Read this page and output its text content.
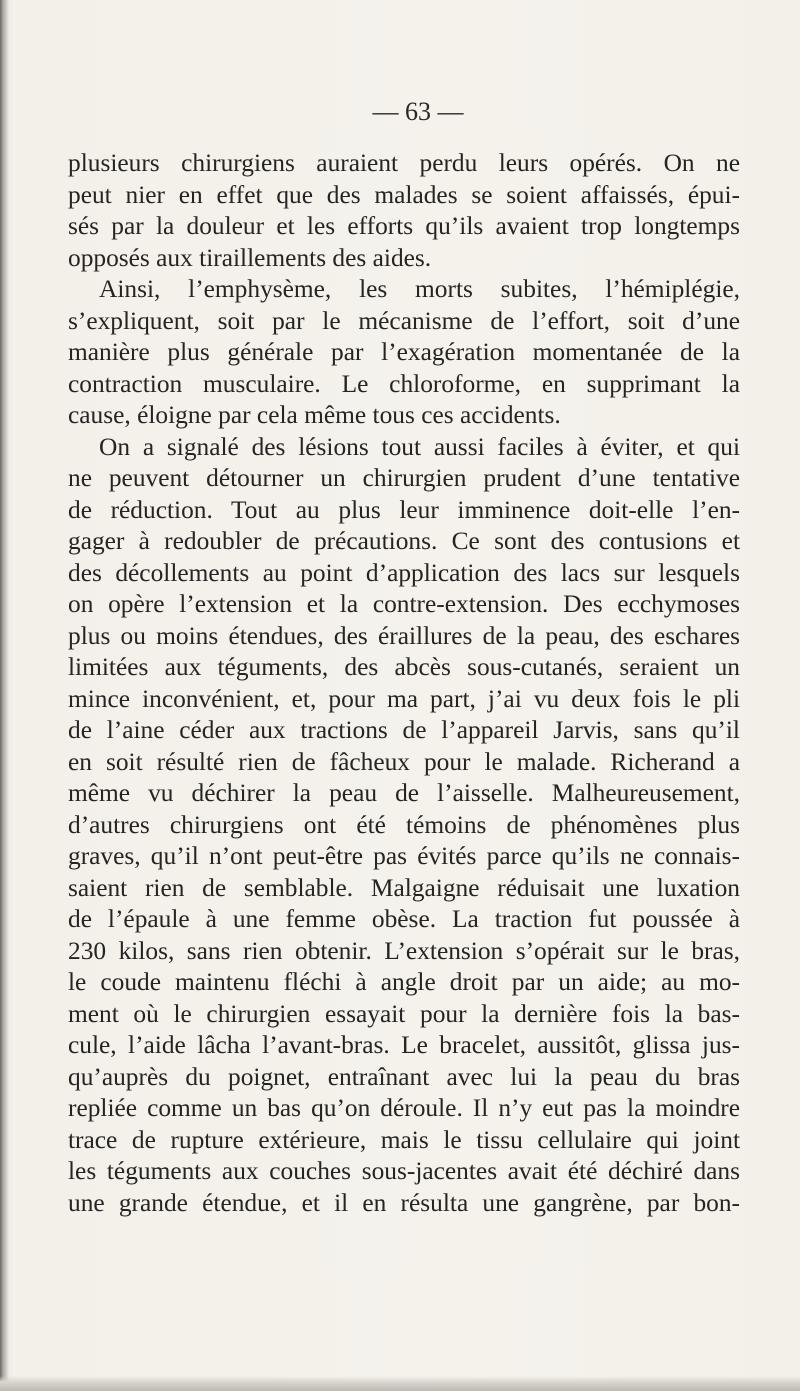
— 63 —

plusieurs chirurgiens auraient perdu leurs opérés. On ne
peut nier en effet que des malades se soient affaissés, épui-
sés par la douleur et les efforts qu’ils avaient trop longtemps
opposés aux tiraillements des aides.
Ainsi, l’emphysème, les morts subites, l’hémiplégie,
s’expliquent, soit par le mécanisme de l’effort, soit d’une
manière plus générale par l’exagération momentanée de la
contraction musculaire. Le chloroforme, en supprimant la
cause, éloigne par cela même tous ces accidents.
On a signalé des lésions tout aussi faciles à éviter, et qui
ne peuvent détourner un chirurgien prudent d’une tentative
de réduction. Tout au plus leur imminence doit-elle l’en-
gager à redoubler de précautions. Ce sont des contusions et
des décollements au point d’application des lacs sur lesquels
on opère l’extension et la contre-extension. Des ecchymoses
plus ou moins étendues, des éraillures de la peau, des eschares
limitées aux téguments, des abcès sous-cutanés, seraient un
mince inconvénient, et, pour ma part, j’ai vu deux fois le pli
de l’aine céder aux tractions de l’appareil Jarvis, sans qu’il
en soit résulté rien de fâcheux pour le malade. Richerand a
même vu déchirer la peau de l’aisselle. Malheureusement,
d’autres chirurgiens ont été témoins de phénomènes plus
graves, qu’il n’ont peut-être pas évités parce qu’ils ne connais-
saient rien de semblable. Malgaigne réduisait une luxation
de l’épaule à une femme obèse. La traction fut poussée à
230 kilos, sans rien obtenir. L’extension s’opérait sur le bras,
le coude maintenu fléchi à angle droit par un aide; au mo-
ment où le chirurgien essayait pour la dernière fois la bas-
cule, l’aide lâcha l’avant-bras. Le bracelet, aussitôt, glissa jus-
qu’auprès du poignet, entraînant avec lui la peau du bras
repliée comme un bas qu’on déroule. Il n’y eut pas la moindre
trace de rupture extérieure, mais le tissu cellulaire qui joint
les téguments aux couches sous-jacentes avait été déchiré dans
une grande étendue, et il en résulta une gangrène, par bon-
